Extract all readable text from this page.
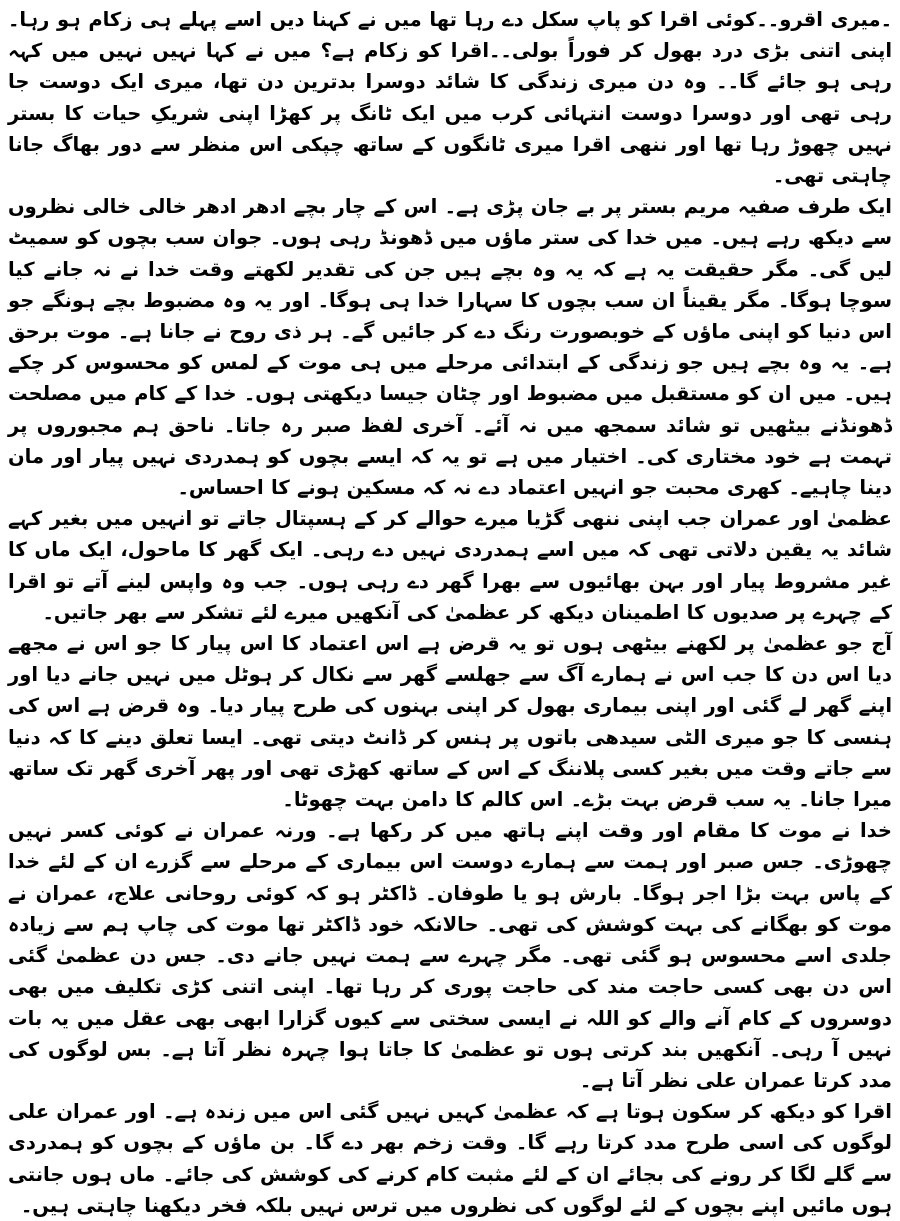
۔میری اقرو۔۔کوئی اقرا کو پاپ سکل دے رہا تھا میں نے کہنا دیں اسے پہلے ہی زکام ہو رہا۔ اپنی اتنی بڑی درد بھول کر فوراً بولی۔۔اقرا کو زکام ہے؟ میں نے کہا نہیں نہیں میں کہہ رہی ہو جائے گا۔۔ وہ دن میری زندگی کا شائد دوسرا بدترین دن تھا، میری ایک دوست جا رہی تھی اور دوسرا دوست انتہائی کرب میں ایک ٹانگ پر کھڑا اپنی شریکِ حیات کا بستر نہیں چھوڑ رہا تھا اور ننھی اقرا میری ٹانگوں کے ساتھ چپکی اس منظر سے دور بھاگ جانا چاہتی تھی۔

ایک طرف صفیہ مریم بستر پر بے جان پڑی ہے۔ اس کے چار بچے ادھر ادھر خالی خالی نظروں سے دیکھ رہے ہیں۔ میں خدا کی ستر ماؤں میں ڈھونڈ رہی ہوں۔ جوان سب بچوں کو سمیٹ لیں گی۔ مگر حقیقت یہ ہے کہ یہ وہ بچے ہیں جن کی تقدیر لکھتے وقت خدا نے نہ جانے کیا سوچا ہوگا۔ مگر یقیناً ان سب بچوں کا سہارا خدا ہی ہوگا۔ اور یہ وہ مضبوط بچے ہونگے جو اس دنیا کو اپنی ماؤں کے خوبصورت رنگ دے کر جائیں گے۔ ہر ذی روح نے جانا ہے۔ موت برحق ہے۔ یہ وہ بچے ہیں جو زندگی کے ابتدائی مرحلے میں ہی موت کے لمس کو محسوس کر چکے ہیں۔ میں ان کو مستقبل میں مضبوط اور چٹان جیسا دیکھتی ہوں۔ خدا کے کام میں مصلحت ڈھونڈنے بیٹھیں تو شائد سمجھ میں نہ آئے۔ آخری لفظ صبر رہ جاتا۔ ناحق ہم مجبوروں پر تہمت ہے خود مختاری کی۔ اختیار میں ہے تو یہ کہ ایسے بچوں کو ہمدردی نہیں پیار اور مان دینا چاہیے۔ کھری محبت جو انہیں اعتماد دے نہ کہ مسکین ہونے کا احساس۔

عظمیٰ اور عمران جب اپنی ننھی گڑیا میرے حوالے کر کے ہسپتال جاتے تو انہیں میں بغیر کہے شائد یہ یقین دلاتی تھی کہ میں اسے ہمدردی نہیں دے رہی۔ ایک گھر کا ماحول، ایک ماں کا غیر مشروط پیار اور بہن بھائیوں سے بھرا گھر دے رہی ہوں۔ جب وہ واپس لینے آتے تو اقرا کے چہرے پر صدیوں کا اطمینان دیکھ کر عظمیٰ کی آنکھیں میرے لئے تشکر سے بھر جاتیں۔

آج جو عظمیٰ پر لکھنے بیٹھی ہوں تو یہ قرض ہے اس اعتماد کا اس پیار کا جو اس نے مجھے دیا اس دن کا جب اس نے ہمارے آگ سے جھلسے گھر سے نکال کر ہوٹل میں نہیں جانے دیا اور اپنے گھر لے گئی اور اپنی بیماری بھول کر اپنی بہنوں کی طرح پیار دیا۔ وہ قرض ہے اس کی ہنسی کا جو میری الٹی سیدھی باتوں پر ہنس کر ڈانٹ دیتی تھی۔ ایسا تعلق دینے کا کہ دنیا سے جاتے وقت میں بغیر کسی پلاننگ کے اس کے ساتھ کھڑی تھی اور پھر آخری گھر تک ساتھ میرا جانا۔ یہ سب قرض بہت بڑے۔ اس کالم کا دامن بہت چھوٹا۔

خدا نے موت کا مقام اور وقت اپنے ہاتھ میں کر رکھا ہے۔ ورنہ عمران نے کوئی کسر نہیں چھوڑی۔ جس صبر اور ہمت سے ہمارے دوست اس بیماری کے مرحلے سے گزرے ان کے لئے خدا کے پاس بہت بڑا اجر ہوگا۔ بارش ہو یا طوفان۔ ڈاکٹر ہو کہ کوئی روحانی علاج، عمران نے موت کو بھگانے کی بہت کوشش کی تھی۔ حالانکہ خود ڈاکٹر تھا موت کی چاپ ہم سے زیادہ جلدی اسے محسوس ہو گئی تھی۔ مگر چہرے سے ہمت نہیں جانے دی۔ جس دن عظمیٰ گئی اس دن بھی کسی حاجت مند کی حاجت پوری کر رہا تھا۔ اپنی اتنی کڑی تکلیف میں بھی دوسروں کے کام آنے والے کو اللہ نے ایسی سختی سے کیوں گزارا ابھی بھی عقل میں یہ بات نہیں آ رہی۔ آنکھیں بند کرتی ہوں تو عظمیٰ کا جاتا ہوا چہرہ نظر آتا ہے۔ بس لوگوں کی مدد کرتا عمران علی نظر آتا ہے۔

اقرا کو دیکھ کر سکون ہوتا ہے کہ عظمیٰ کہیں نہیں گئی اس میں زندہ ہے۔ اور عمران علی لوگوں کی اسی طرح مدد کرتا رہے گا۔ وقت زخم بھر دے گا۔ بن ماؤں کے بچوں کو ہمدردی سے گلے لگا کر رونے کی بجائے ان کے لئے مثبت کام کرنے کی کوشش کی جائے۔ ماں ہوں جانتی ہوں مائیں اپنے بچوں کے لئے لوگوں کی نظروں میں ترس نہیں بلکہ فخر دیکھنا چاہتی ہیں۔
